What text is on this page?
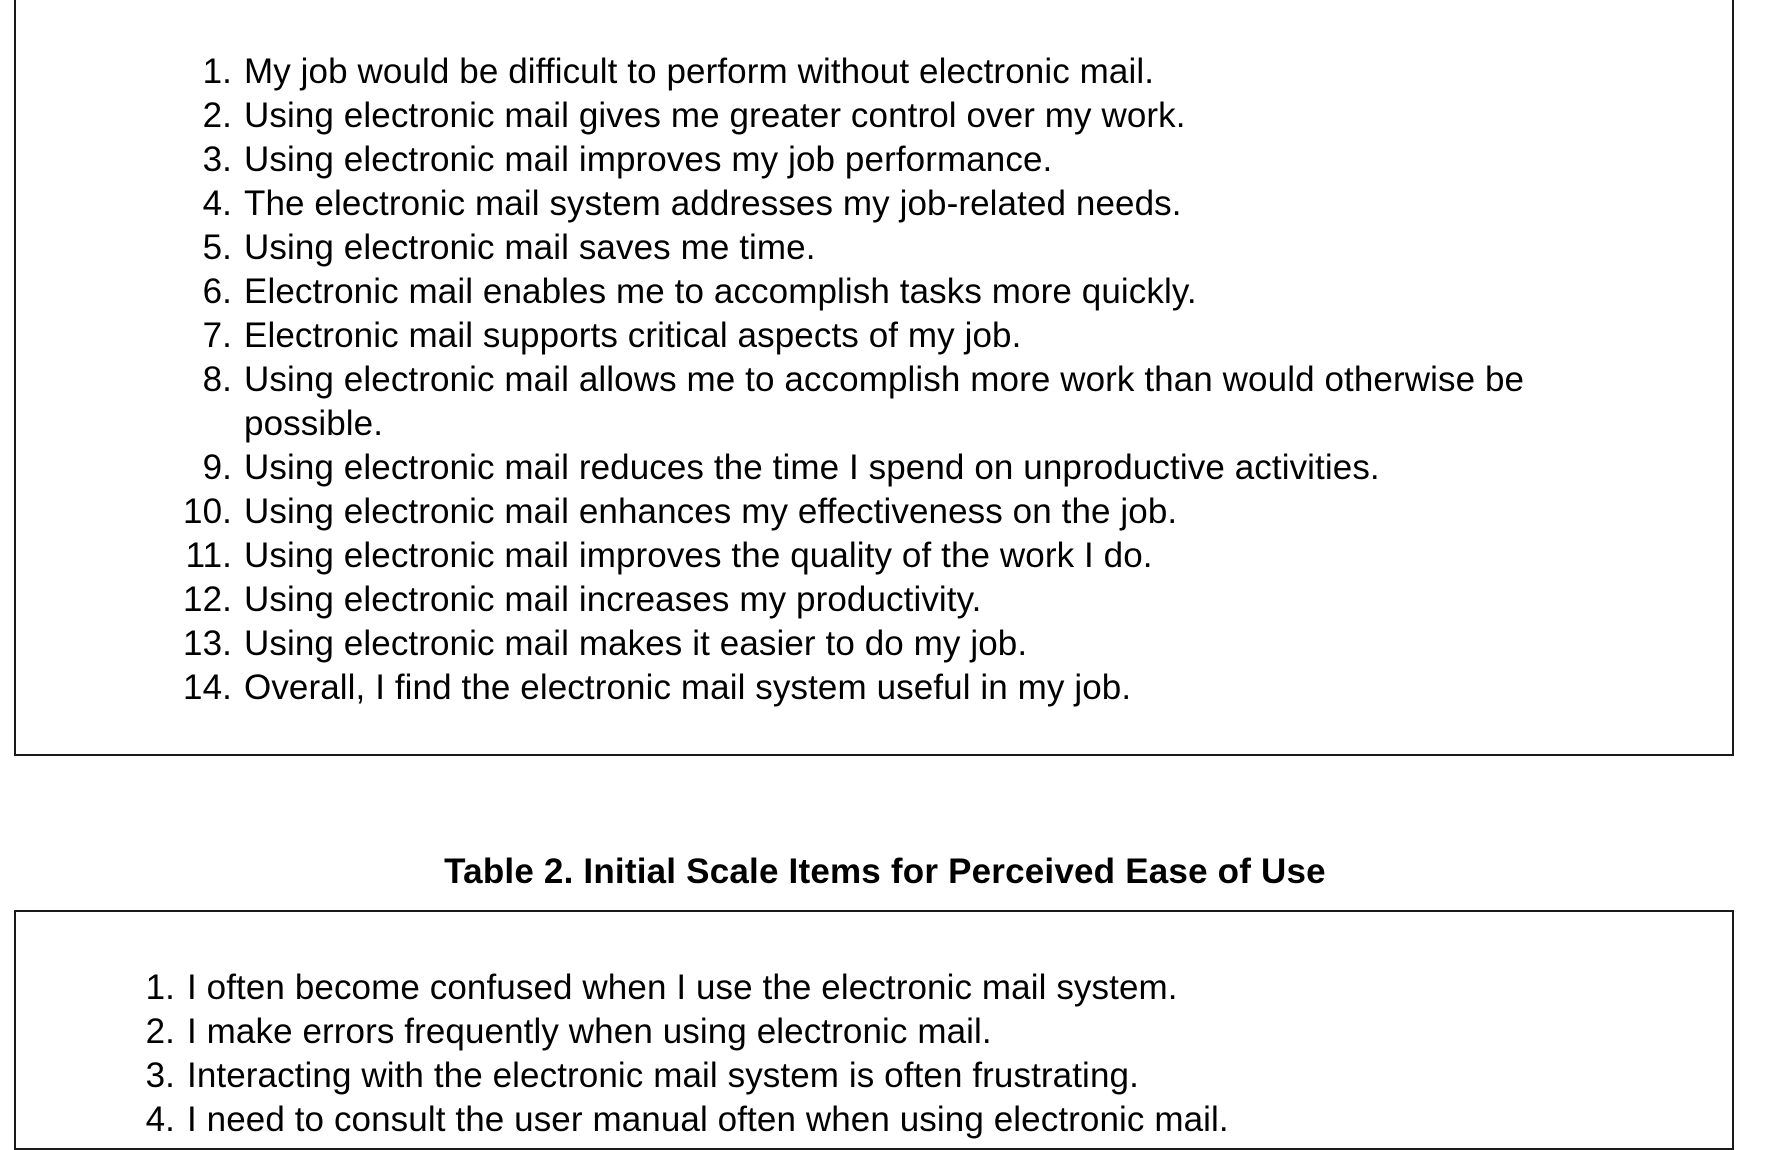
1. My job would be difficult to perform without electronic mail.
2. Using electronic mail gives me greater control over my work.
3. Using electronic mail improves my job performance.
4. The electronic mail system addresses my job-related needs.
5. Using electronic mail saves me time.
6. Electronic mail enables me to accomplish tasks more quickly.
7. Electronic mail supports critical aspects of my job.
8. Using electronic mail allows me to accomplish more work than would otherwise be possible.
9. Using electronic mail reduces the time I spend on unproductive activities.
10. Using electronic mail enhances my effectiveness on the job.
11. Using electronic mail improves the quality of the work I do.
12. Using electronic mail increases my productivity.
13. Using electronic mail makes it easier to do my job.
14. Overall, I find the electronic mail system useful in my job.
Table 2. Initial Scale Items for Perceived Ease of Use
1. I often become confused when I use the electronic mail system.
2. I make errors frequently when using electronic mail.
3. Interacting with the electronic mail system is often frustrating.
4. I need to consult the user manual often when using electronic mail.
